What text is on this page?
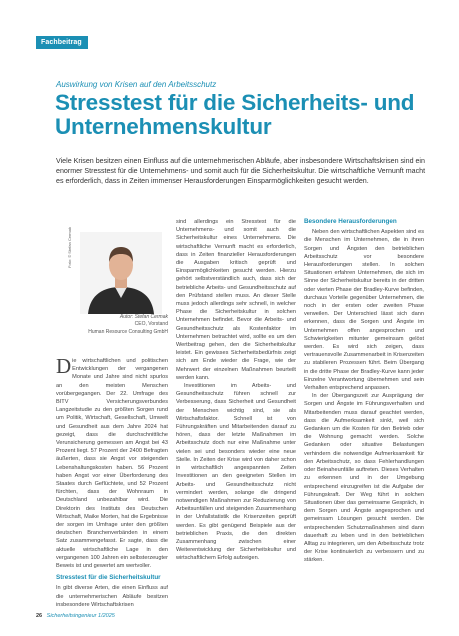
Fachbeitrag
Auswirkung von Krisen auf den Arbeitsschutz
Stresstest für die Sicherheits- und Unternehmenskultur

Viele Krisen besitzen einen Einfluss auf die unternehmerischen Abläufe, aber insbesondere Wirtschaftskrisen sind ein enormer Stresstest für die Unternehmens- und somit auch für die Sicherheitskultur. Die wirtschaftliche Vernunft macht es erforderlich, dass in Zeiten immenser Herausforderungen Einsparmöglichkeiten gesucht werden.

Foto: © Stefan Cermak
Autor: Stefan Cermak
CEO, Vorstand
Human Resource Consulting GmbH

Die wirtschaftlichen und politischen Entwicklungen der vergangenen Monate und Jahre sind nicht spurlos an den meisten Menschen vorübergegangen. Der 22. Umfrage des BITV Versicherungsverbundes Langzeitstudie zu den größten Sorgen rund um Politik, Wirtschaft, Gesellschaft, Umwelt und Gesundheit aus dem Jahre 2024 hat gezeigt, dass die durchschnittliche Verunsicherung gemessen am Angst bei 43 Prozent liegt. 57 Prozent der 2400 Befragten äußerten, dass sie Angst vor steigenden Lebenshaltungskosten haben. 56 Prozent haben Angst vor einer Überforderung des Staates durch Geflüchtete, und 52 Prozent fürchten, dass der Wohnraum in Deutschland unbezahlbar wird. Die Direktorin des Instituts des Deutschen Wirtschaft, Maike Morten, hat die Ergebnisse der sorgen im Umfrage unter den größten deutschen Branchenverbänden in einem Satz zusammengefasst. Er sagte, dass die aktuelle wirtschaftliche Lage in den vergangenen 100 Jahren ein selbsterzeugter Beweis ist und gewertet am wertvoller.

Stresstest für die Sicherheitskultur

In gibt diverse Arten, die einen Einfluss auf die unternehmerischen Abläufe besitzen insbesondere Wirtschaftskrisen

sind allerdings ein Stresstest für die Unternehmens- und somit auch die Sicherheitskultur eines Unternehmens. Die wirtschaftliche Vernunft macht es erforderlich, dass in Zeiten finanzieller Herausforderungen die Ausgaben kritisch geprüft und Einsparmöglichkeiten gesucht werden. Hierzu gehört selbstverständlich auch, dass sich der betriebliche Arbeits- und Gesundheitsschutz auf den Prüfstand stellen muss. An dieser Stelle muss jedoch allerdings sehr schnell, in welcher Phase die Sicherheitskultur in solchen Unternehmen befindet. Bevor die Arbeits- und Gesundheitsschutz als Kostenfaktor im Unternehmen betrachtet wird, sollte es um den Wertbeitrag gehen, den die Sicherheitskultur leistet. Ein gewisses Sicherheitsbedürfnis zeigt sich am Ende wieder die Frage, wie der Mehrwert der einzelnen Maßnahmen beurteilt werden kann.

Investitionen im Arbeits- und Gesundheitsschutz führen schnell zur Verbesserung, dass Sicherheit und Gesundheit der Menschen wichtig sind, sie als Wirtschaftsfaktor. Schnell ist von Führungskräften und Mitarbeitenden darauf zu hören, dass der letzte Maßnahmen im Arbeitsschutz doch nur eine Maßnahme unter vielen sei und besonders wieder eine neue Stelle. In Zeiten der Krise wird von daher schon in wirtschaftlich angespannten Zeiten Investitionen an den geeigneten Stellen im Arbeits- und Gesundheitsschutz nicht vermindert werden, solange die dringend notwendigen Maßnahmen zur Reduzierung von Arbeitsunfällen und steigenden Zusammenhang in der Unfallstatistik die Krisenzeiten geprüft werden. Es gibt genügend Beispiele aus der betrieblichen Praxis, die den direkten Zusammenhang zwischen einer Weiterentwicklung der Sicherheitskultur und wirtschaftlichem Erfolg aufzeigen.

Besondere Herausforderungen

Neben den wirtschaftlichen Aspekten sind es die Menschen im Unternehmen, die in ihren Sorgen und Ängsten den betrieblichen Arbeitsschutz vor besondere Herausforderungen stellen. In solchen Situationen erfahren Unternehmen, die sich im Sinne der Sicherheitskultur bereits in der dritten oder vierten Phase der Bradley-Kurve befinden, durchaus Vorteile gegenüber Unternehmen, die noch in der ersten oder zweiten Phase verweilen. Der Unterschied lässt sich dann erkennen, dass die Sorgen und Ängste im Unternehmen offen angesprochen und Schwierigkeiten mitunter gemeinsam gelöst werden. Es wird sich zeigen, dass vertrauensvolle Zusammenarbeit in Krisenzeiten zu stabileren Prozessen führt. Beim Übergang in die dritte Phase der Bradley-Kurve kann jeder Einzelne Verantwortung übernehmen und sein Verhalten entsprechend anpassen.

In der Übergangszeit zur Ausprägung der Sorgen und Ängste im Führungsverhalten und Mitarbeitenden muss darauf geachtet werden, dass die Aufmerksamkeit sinkt, weil sich Gedanken um die Kosten für den Betrieb oder die Wohnung gemacht werden. Solche Gedanken oder situative Belastungen verhindern die notwendige Aufmerksamkeit für den Arbeitsschutz, so dass Fehlerhandlungen oder Beinaheunfälle auftreten. Dieses Verhalten zu erkennen und in der Umgebung entsprechend einzugreifen ist die Aufgabe der Führungskraft. Der Weg führt in solchen Situationen über das gemeinsame Gespräch, in dem Sorgen und Ängste angesprochen und gemeinsam Lösungen gesucht werden. Die entsprechenden Schutzmaßnahmen sind dann dauerhaft zu leben und in den betrieblichen Alltag zu integrieren, um den Arbeitsschutz trotz der Krise kontinuierlich zu verbessern und zu stärken.

26 Sicherheitsingenieur 1/2025
